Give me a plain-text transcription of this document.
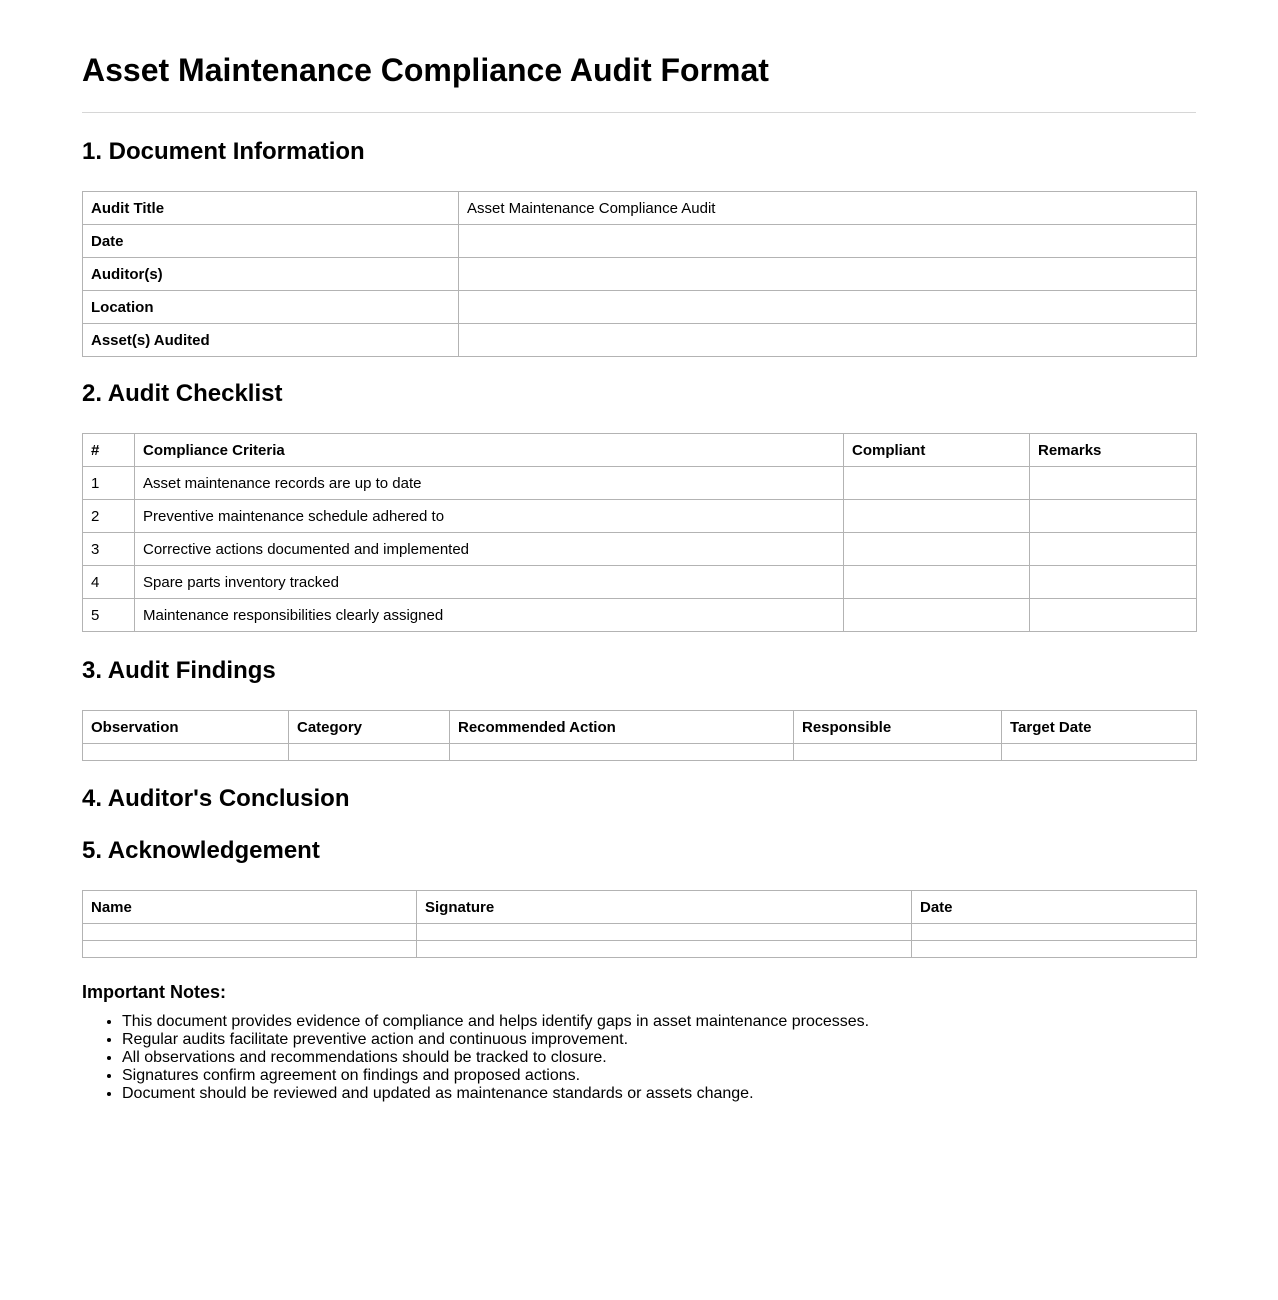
Asset Maintenance Compliance Audit Format
1. Document Information
Audit Title	Asset Maintenance Compliance Audit
Date	
Auditor(s)	
Location	
Asset(s) Audited	
2. Audit Checklist
#	Compliance Criteria	Compliant	Remarks
1	Asset maintenance records are up to date		
2	Preventive maintenance schedule adhered to		
3	Corrective actions documented and implemented		
4	Spare parts inventory tracked		
5	Maintenance responsibilities clearly assigned		
3. Audit Findings
Observation	Category	Recommended Action	Responsible	Target Date

4. Auditor's Conclusion
5. Acknowledgement
Name	Signature	Date

Important Notes:
• This document provides evidence of compliance and helps identify gaps in asset maintenance processes.
• Regular audits facilitate preventive action and continuous improvement.
• All observations and recommendations should be tracked to closure.
• Signatures confirm agreement on findings and proposed actions.
• Document should be reviewed and updated as maintenance standards or assets change.
